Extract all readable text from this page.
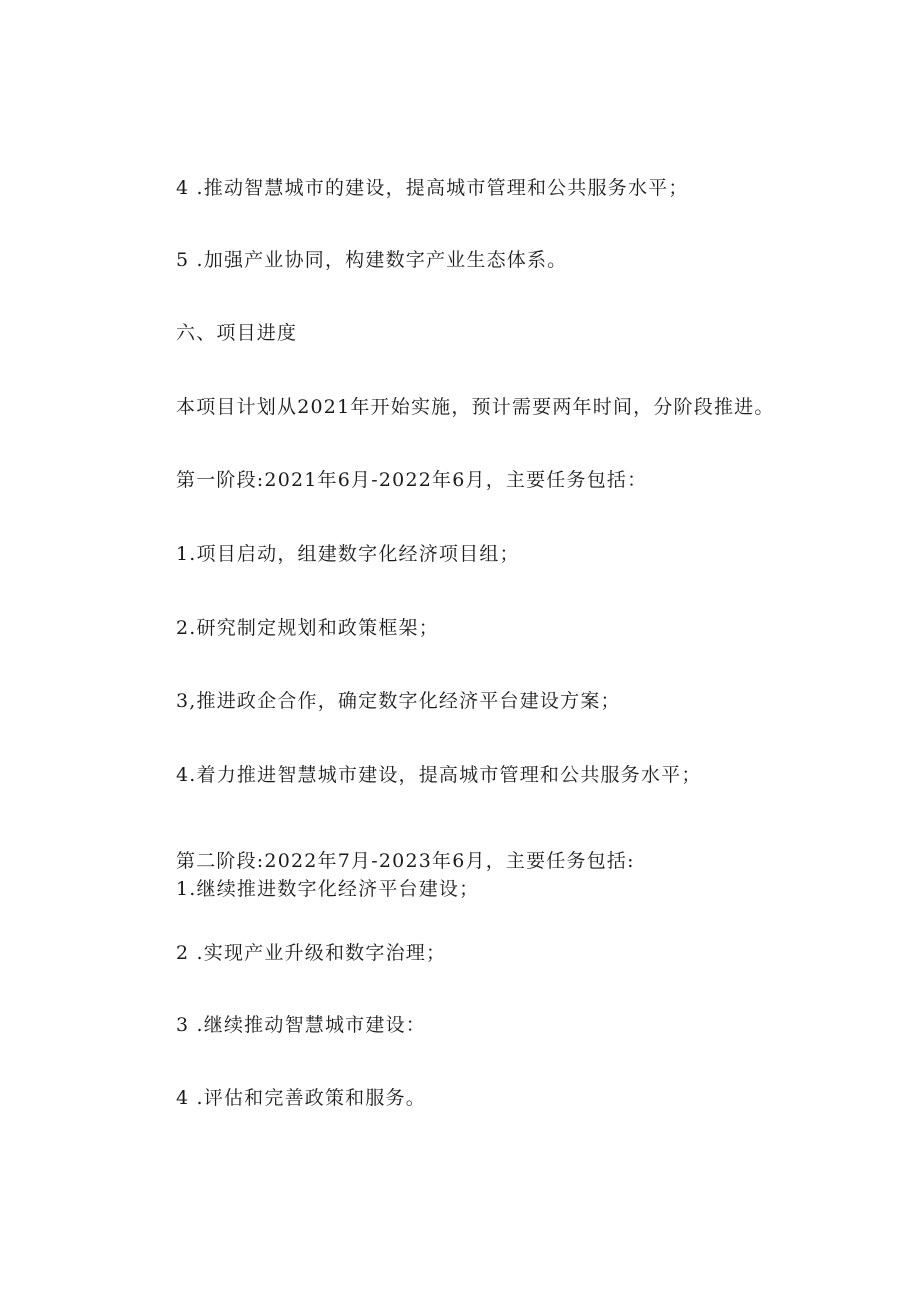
4 .推动智慧城市的建设，提高城市管理和公共服务水平；

5 .加强产业协同，构建数字产业生态体系。

六、项目进度

本项目计划从2021年开始实施，预计需要两年时间，分阶段推进。

第一阶段:2021年6月-2022年6月，主要任务包括：

1.项目启动，组建数字化经济项目组；

2.研究制定规划和政策框架；

3,推进政企合作，确定数字化经济平台建设方案；

4.着力推进智慧城市建设，提高城市管理和公共服务水平；

第二阶段:2022年7月-2023年6月，主要任务包括:

1.继续推进数字化经济平台建设；

2 .实现产业升级和数字治理；

3 .继续推动智慧城市建设：

4 .评估和完善政策和服务。
